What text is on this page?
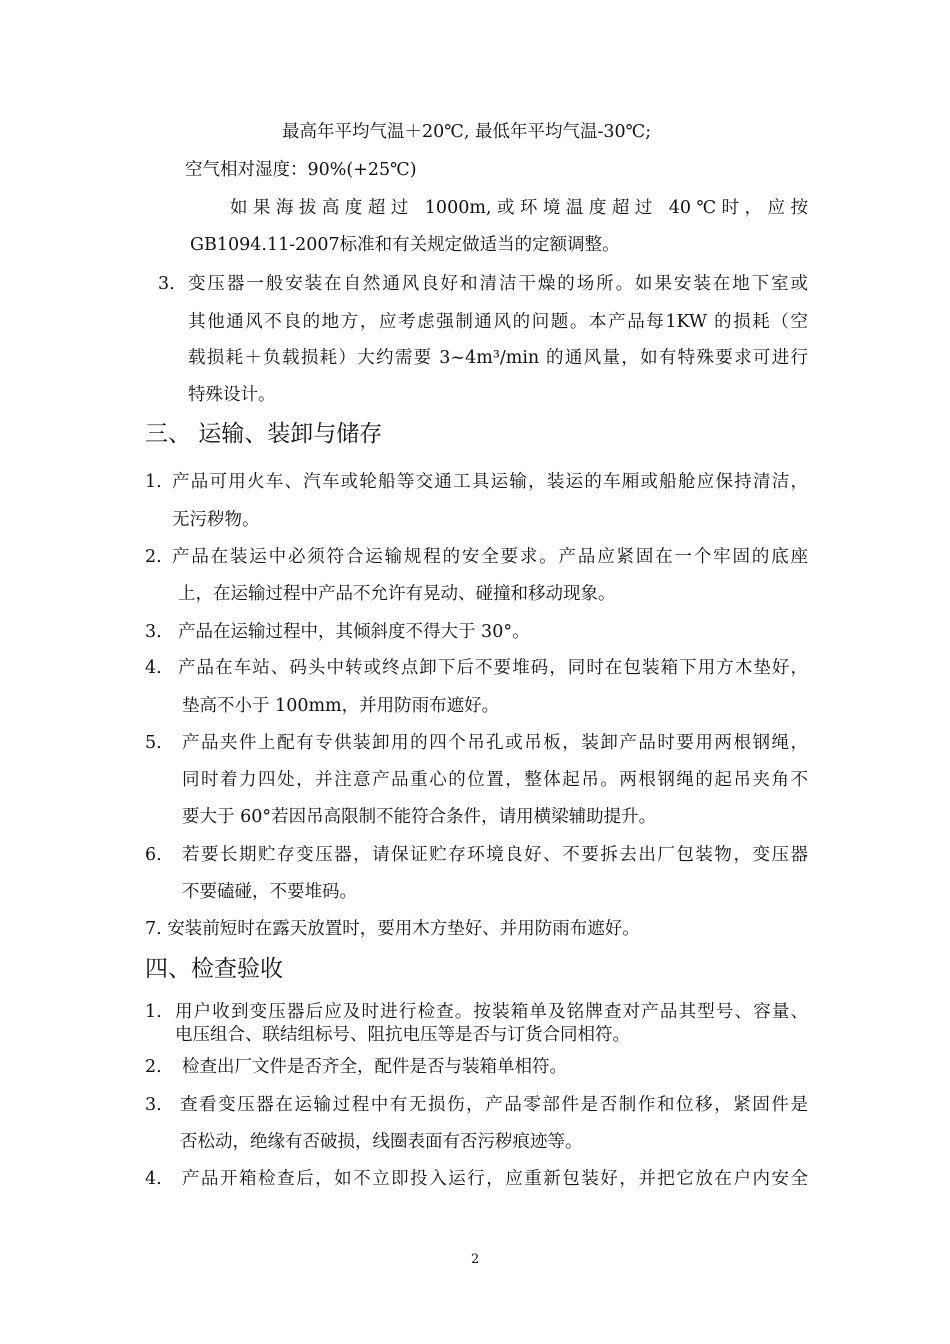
最高年平均气温＋20℃, 最低年平均气温-30℃;
空气相对湿度：90%(+25℃)
如果海拔高度超过 1000m,或环境温度超过 40℃时，应按
GB1094.11-2007标准和有关规定做适当的定额调整。
3. 变压器一般安装在自然通风良好和清洁干燥的场所。如果安装在地下室或
其他通风不良的地方，应考虑强制通风的问题。本产品每1KW 的损耗（空
载损耗＋负载损耗）大约需要 3~4m³/min 的通风量，如有特殊要求可进行
特殊设计。
三、 运输、装卸与储存
1. 产品可用火车、汽车或轮船等交通工具运输，装运的车厢或船舱应保持清洁，
无污秽物。
2. 产品在装运中必须符合运输规程的安全要求。产品应紧固在一个牢固的底座
上，在运输过程中产品不允许有晃动、碰撞和移动现象。
3. 产品在运输过程中，其倾斜度不得大于 30°。
4. 产品在车站、码头中转或终点卸下后不要堆码，同时在包装箱下用方木垫好，
垫高不小于 100mm，并用防雨布遮好。
5. 产品夹件上配有专供装卸用的四个吊孔或吊板，装卸产品时要用两根钢绳，
同时着力四处，并注意产品重心的位置，整体起吊。两根钢绳的起吊夹角不
要大于 60°若因吊高限制不能符合条件，请用横梁辅助提升。
6. 若要长期贮存变压器，请保证贮存环境良好、不要拆去出厂包装物，变压器
不要磕碰，不要堆码。
7. 安装前短时在露天放置时，要用木方垫好、并用防雨布遮好。
四、检查验收
1. 用户收到变压器后应及时进行检查。按装箱单及铭牌查对产品其型号、容量、
电压组合、联结组标号、阻抗电压等是否与订货合同相符。
2. 检查出厂文件是否齐全，配件是否与装箱单相符。
3. 查看变压器在运输过程中有无损伤，产品零部件是否制作和位移，紧固件是
否松动，绝缘有否破损，线圈表面有否污秽痕迹等。
4. 产品开箱检查后，如不立即投入运行，应重新包装好，并把它放在户内安全
2
